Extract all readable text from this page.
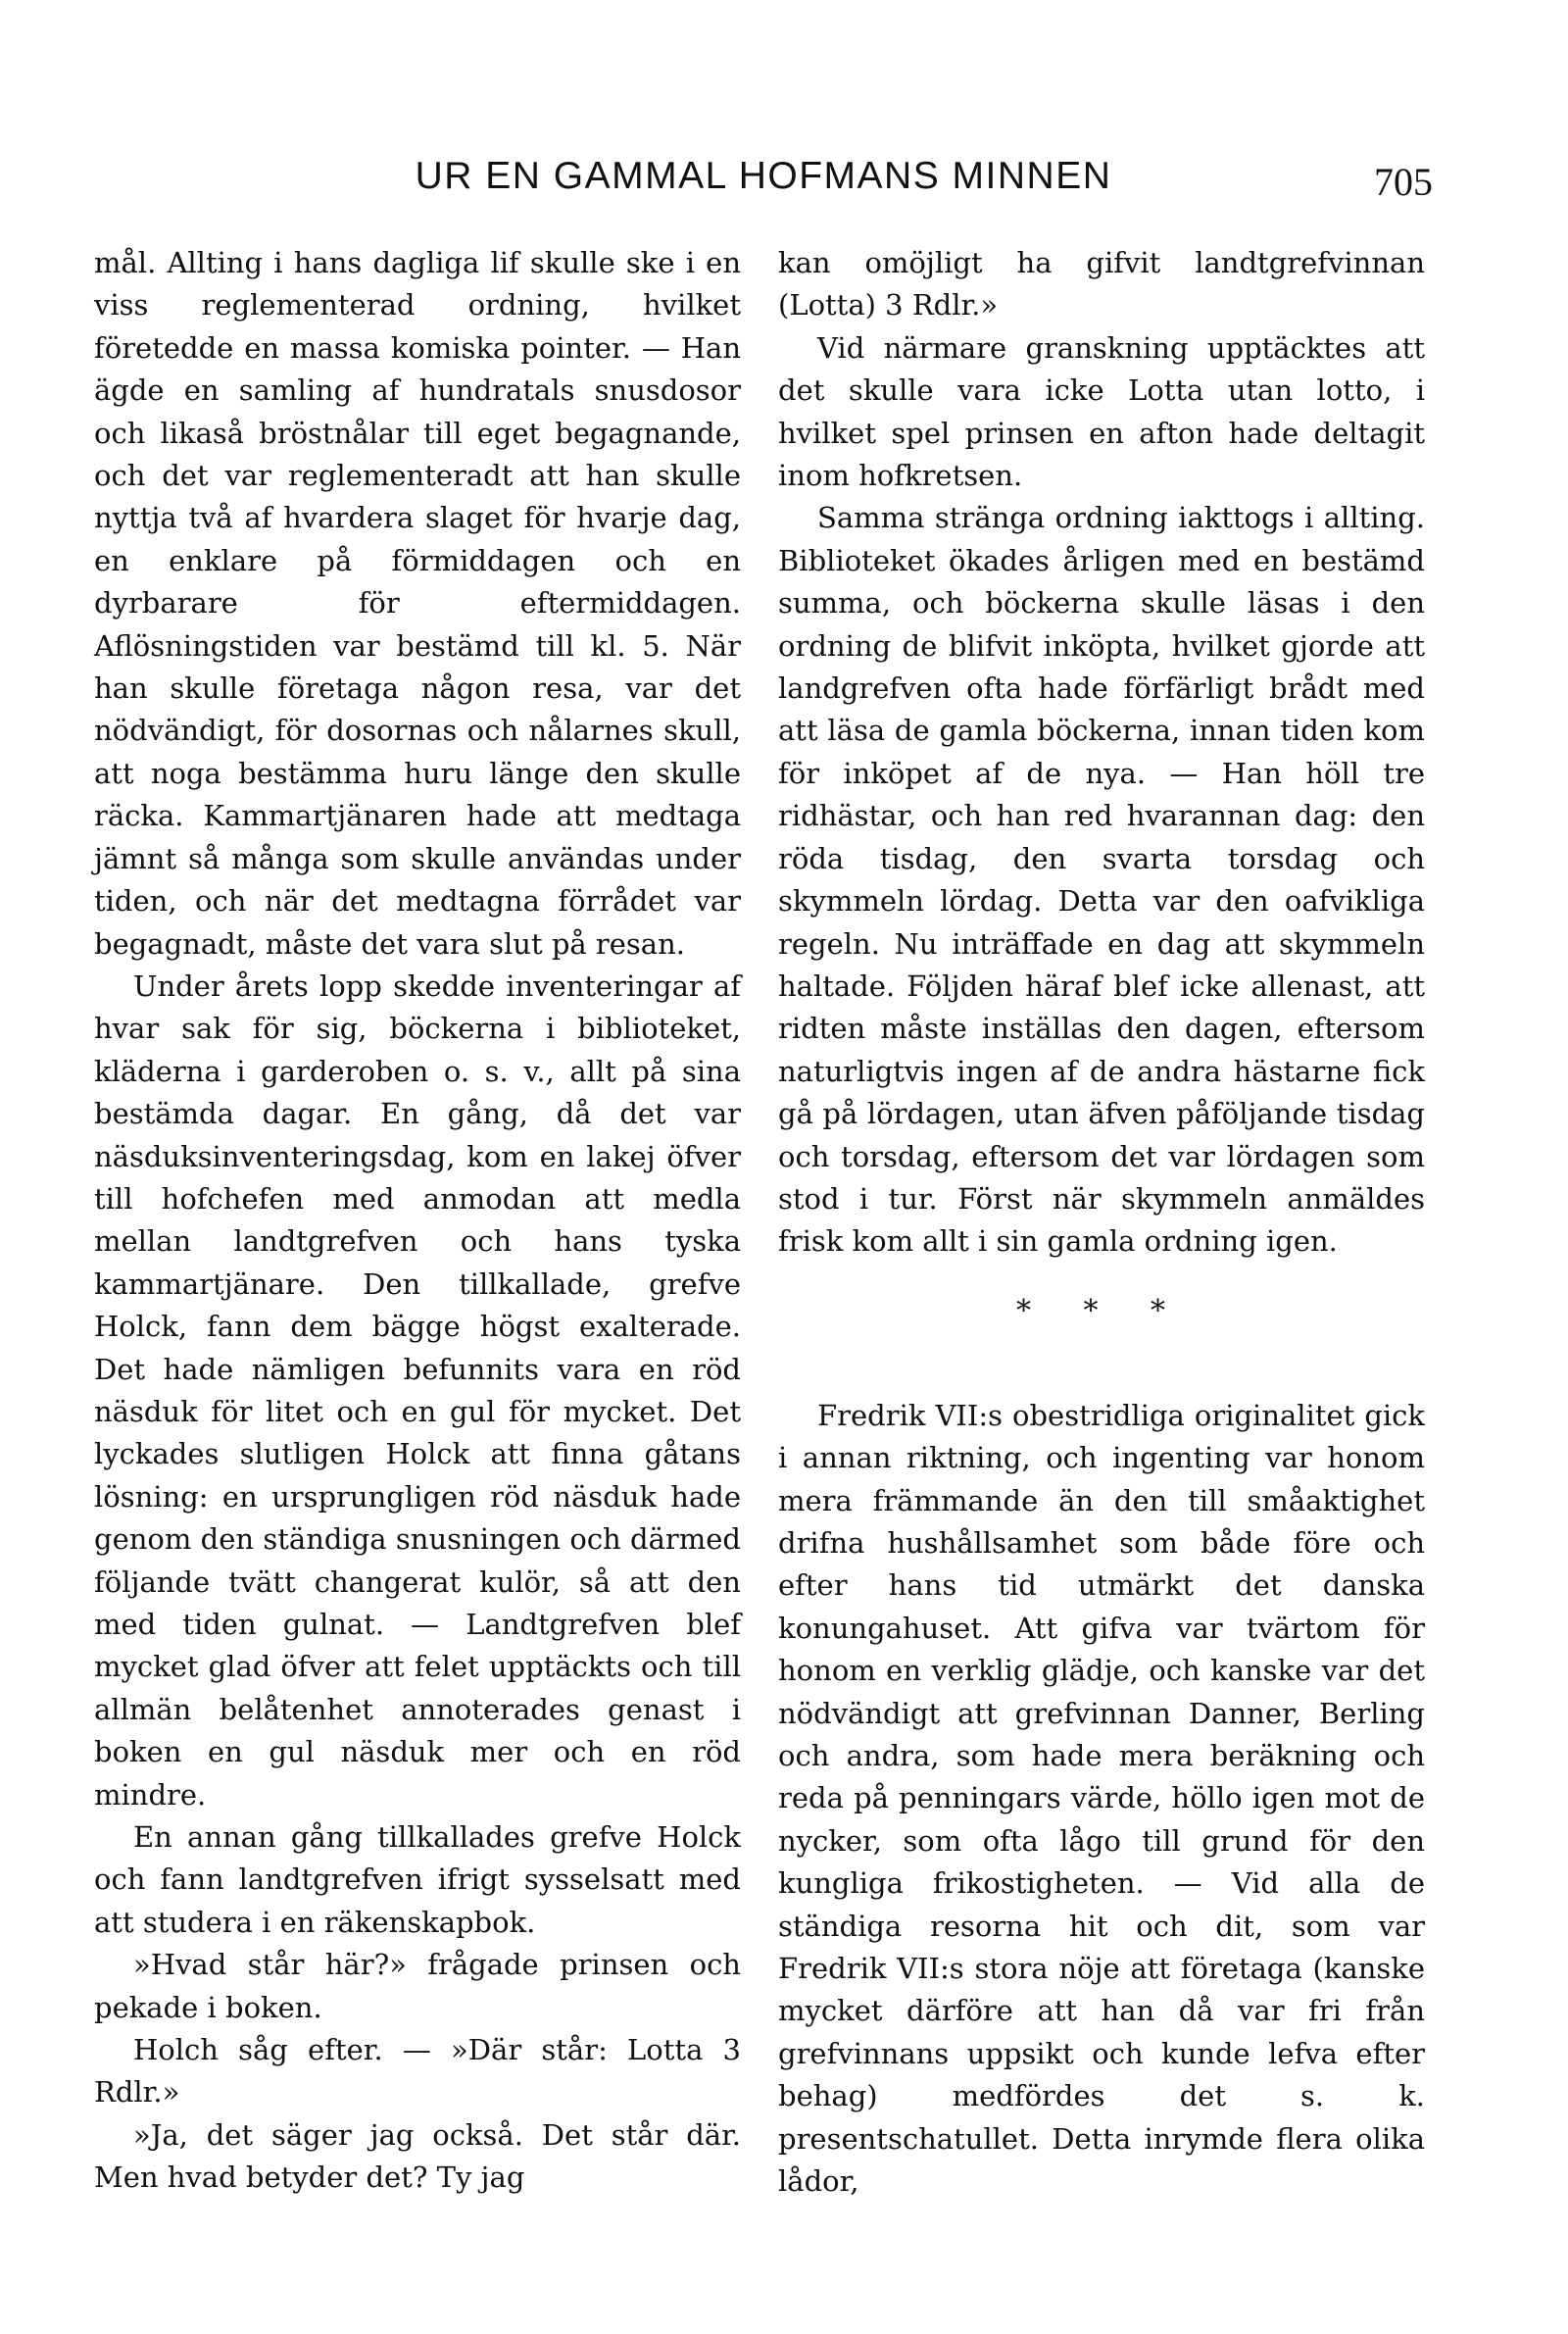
UR EN GAMMAL HOFMANS MINNEN	705

mål. Allting i hans dagliga lif skulle ske i en viss reglementerad ordning, hvilket företedde en massa komiska pointer. — Han ägde en samling af hundratals snusdosor och likaså bröstnålar till eget begagnande, och det var reglementeradt att han skulle nyttja två af hvardera slaget för hvarje dag, en enklare på förmiddagen och en dyrbarare för eftermiddagen. Aflösningstiden var bestämd till kl. 5. När han skulle företaga någon resa, var det nödvändigt, för dosornas och nålarnes skull, att noga bestämma huru länge den skulle räcka. Kammartjänaren hade att medtaga jämnt så många som skulle användas under tiden, och när det medtagna förrådet var begagnadt, måste det vara slut på resan.

Under årets lopp skedde inventeringar af hvar sak för sig, böckerna i biblioteket, kläderna i garderoben o. s. v., allt på sina bestämda dagar. En gång, då det var näsduksinventeringsdag, kom en lakej öfver till hofchefen med anmodan att medla mellan landtgrefven och hans tyska kammartjänare. Den tillkallade, grefve Holck, fann dem bägge högst exalterade. Det hade nämligen befunnits vara en röd näsduk för litet och en gul för mycket. Det lyckades slutligen Holck att finna gåtans lösning: en ursprungligen röd näsduk hade genom den ständiga snusningen och därmed följande tvätt changerat kulör, så att den med tiden gulnat. — Landtgrefven blef mycket glad öfver att felet upptäckts och till allmän belåtenhet annoterades genast i boken en gul näsduk mer och en röd mindre.

En annan gång tillkallades grefve Holck och fann landtgrefven ifrigt sysselsatt med att studera i en räkenskapbok.

»Hvad står här?» frågade prinsen och pekade i boken.

Holch såg efter. — »Där står: Lotta 3 Rdlr.»

»Ja, det säger jag också. Det står där. Men hvad betyder det? Ty jag

kan omöjligt ha gifvit landtgrefvinnan (Lotta) 3 Rdlr.»

Vid närmare granskning upptäcktes att det skulle vara icke Lotta utan lotto, i hvilket spel prinsen en afton hade deltagit inom hofkretsen.

Samma stränga ordning iakttogs i allting. Biblioteket ökades årligen med en bestämd summa, och böckerna skulle läsas i den ordning de blifvit inköpta, hvilket gjorde att landgrefven ofta hade förfärligt brådt med att läsa de gamla böckerna, innan tiden kom för inköpet af de nya. — Han höll tre ridhästar, och han red hvarannan dag: den röda tisdag, den svarta torsdag och skymmeln lördag. Detta var den oafvikliga regeln. Nu inträffade en dag att skymmeln haltade. Följden häraf blef icke allenast, att ridten måste inställas den dagen, eftersom naturligtvis ingen af de andra hästarne fick gå på lördagen, utan äfven påföljande tisdag och torsdag, eftersom det var lördagen som stod i tur. Först när skymmeln anmäldes frisk kom allt i sin gamla ordning igen.

* * *

Fredrik VII:s obestridliga originalitet gick i annan riktning, och ingenting var honom mera främmande än den till småaktighet drifna hushållsamhet som både före och efter hans tid utmärkt det danska konungahuset. Att gifva var tvärtom för honom en verklig glädje, och kanske var det nödvändigt att grefvinnan Danner, Berling och andra, som hade mera beräkning och reda på penningars värde, höllo igen mot de nycker, som ofta lågo till grund för den kungliga frikostigheten. — Vid alla de ständiga resorna hit och dit, som var Fredrik VII:s stora nöje att företaga (kanske mycket därföre att han då var fri från grefvinnans uppsikt och kunde lefva efter behag) medfördes det s. k. presentschatullet. Detta inrymde flera olika lådor,
